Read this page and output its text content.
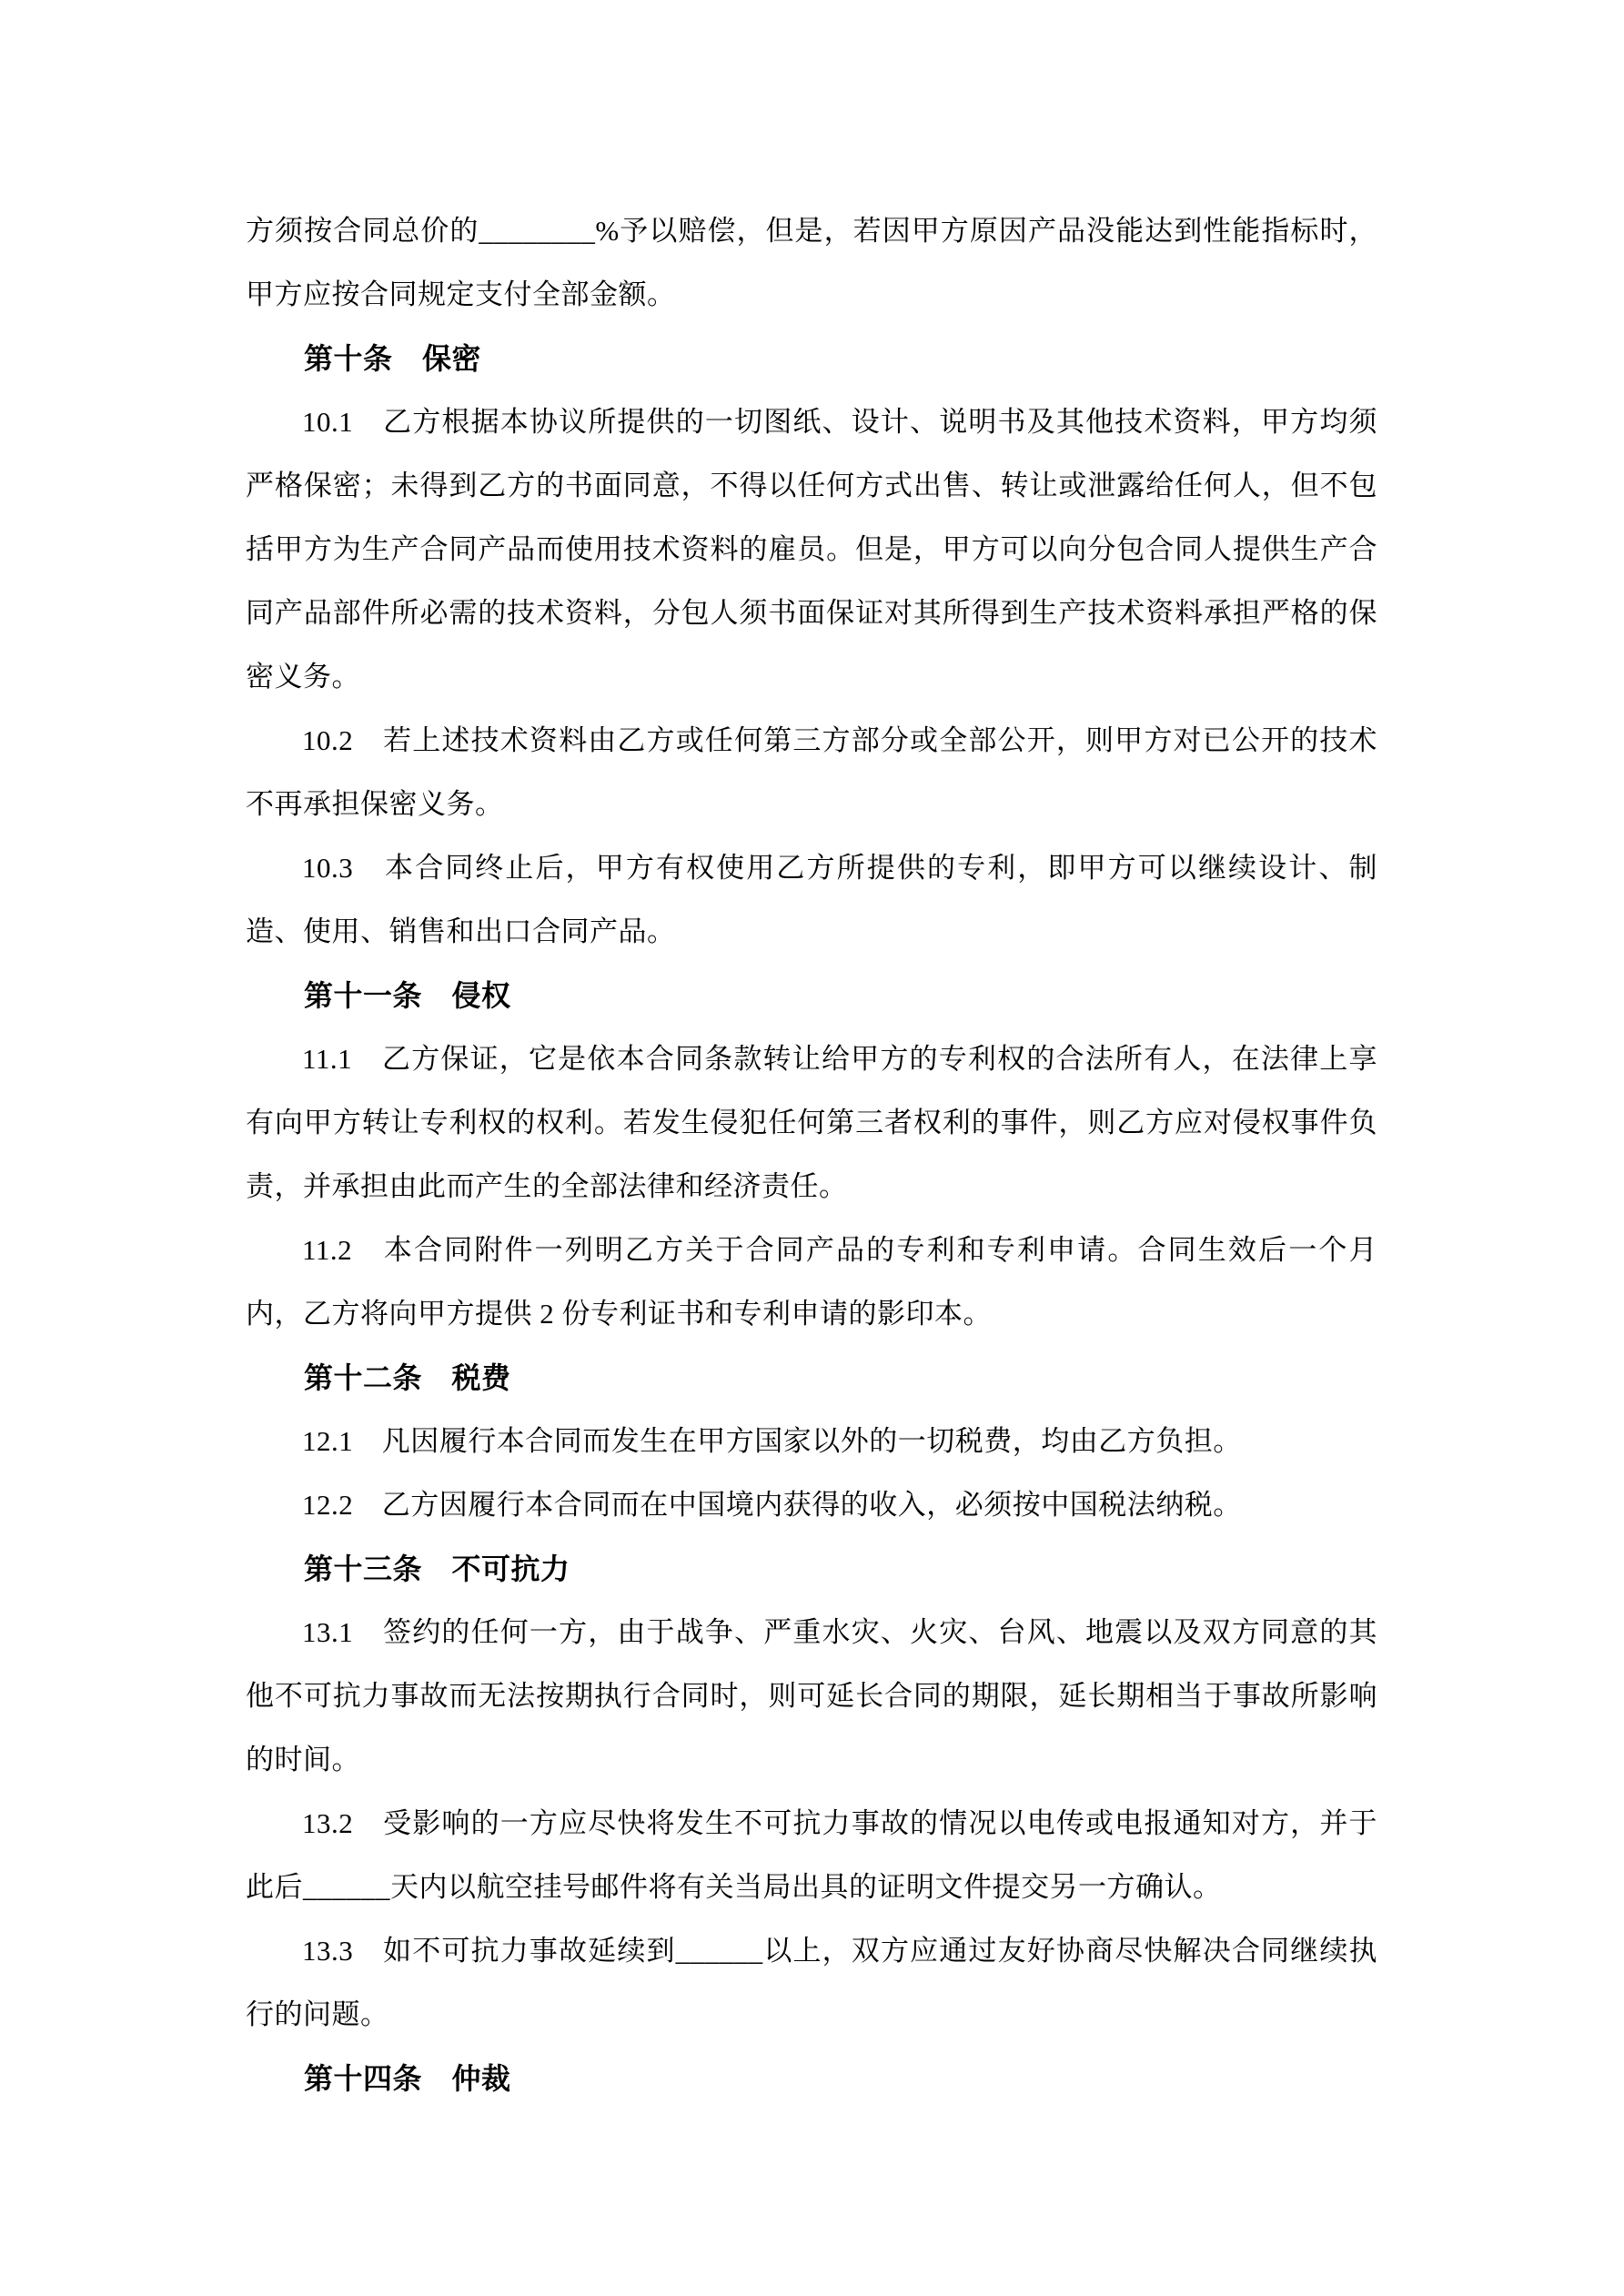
方须按合同总价的________%予以赔偿，但是，若因甲方原因产品没能达到性能指标时，甲方应按合同规定支付全部金额。

第十条　保密

10.1　乙方根据本协议所提供的一切图纸、设计、说明书及其他技术资料，甲方均须严格保密；未得到乙方的书面同意，不得以任何方式出售、转让或泄露给任何人，但不包括甲方为生产合同产品而使用技术资料的雇员。但是，甲方可以向分包合同人提供生产合同产品部件所必需的技术资料，分包人须书面保证对其所得到生产技术资料承担严格的保密义务。

10.2　若上述技术资料由乙方或任何第三方部分或全部公开，则甲方对已公开的技术不再承担保密义务。

10.3　本合同终止后，甲方有权使用乙方所提供的专利，即甲方可以继续设计、制造、使用、销售和出口合同产品。

第十一条　侵权

11.1　乙方保证，它是依本合同条款转让给甲方的专利权的合法所有人，在法律上享有向甲方转让专利权的权利。若发生侵犯任何第三者权利的事件，则乙方应对侵权事件负责，并承担由此而产生的全部法律和经济责任。

11.2　本合同附件一列明乙方关于合同产品的专利和专利申请。合同生效后一个月内，乙方将向甲方提供 2 份专利证书和专利申请的影印本。

第十二条　税费

12.1　凡因履行本合同而发生在甲方国家以外的一切税费，均由乙方负担。

12.2　乙方因履行本合同而在中国境内获得的收入，必须按中国税法纳税。

第十三条　不可抗力

13.1　签约的任何一方，由于战争、严重水灾、火灾、台风、地震以及双方同意的其他不可抗力事故而无法按期执行合同时，则可延长合同的期限，延长期相当于事故所影响的时间。

13.2　受影响的一方应尽快将发生不可抗力事故的情况以电传或电报通知对方，并于此后______天内以航空挂号邮件将有关当局出具的证明文件提交另一方确认。

13.3　如不可抗力事故延续到______以上，双方应通过友好协商尽快解决合同继续执行的问题。

第十四条　仲裁
